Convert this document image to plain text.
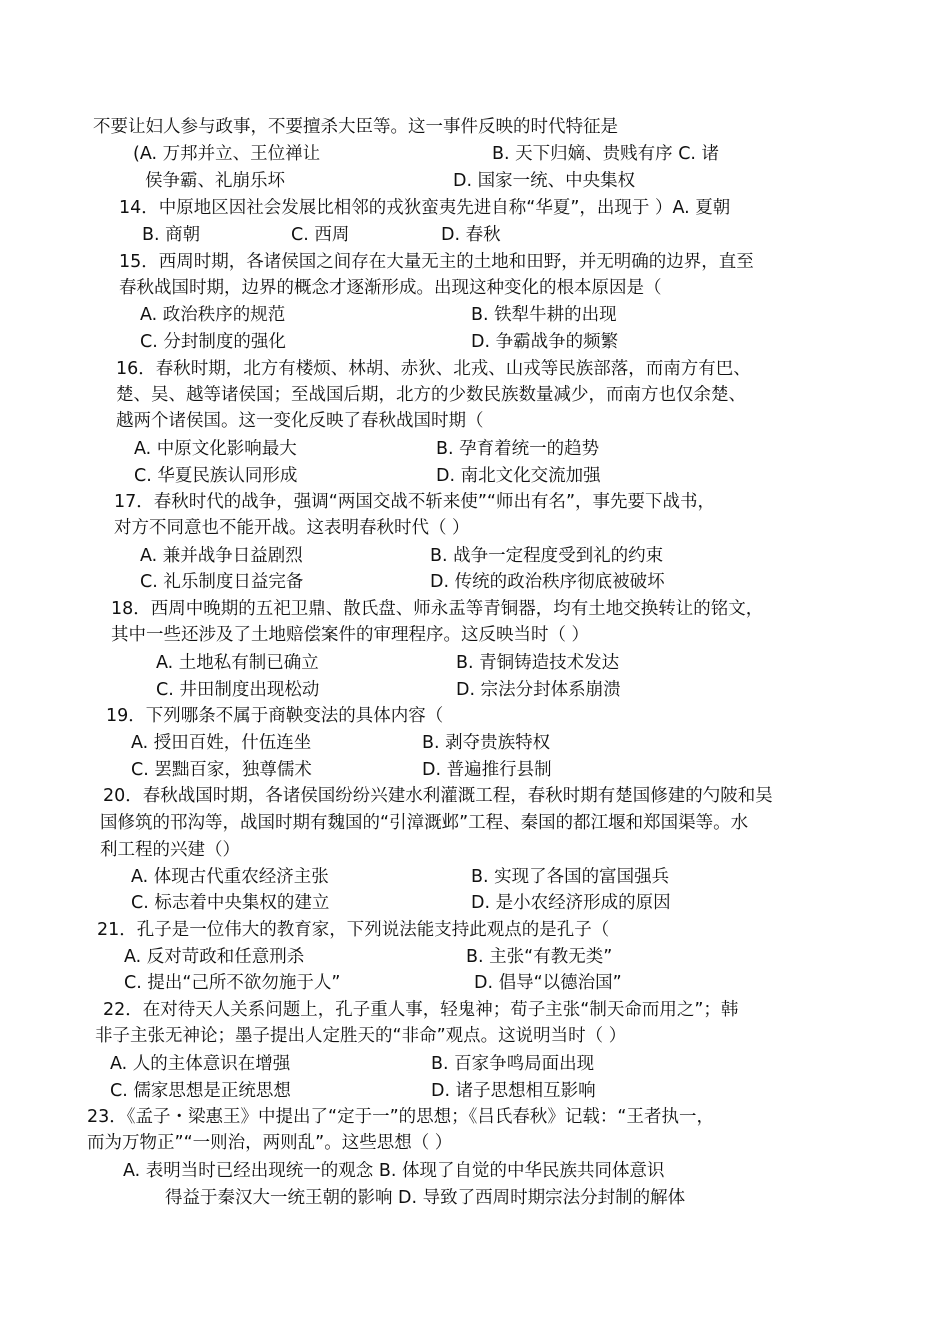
不要让妇人参与政事，不要擅杀大臣等。这一事件反映的时代特征是
(A. 万邦并立、王位禅让	B. 天下归嫡、贵贱有序 C. 诸
侯争霸、礼崩乐坏	D. 国家一统、中央集权
14．中原地区因社会发展比相邻的戎狄蛮夷先进自称“华夏”，出现于 ）A. 夏朝
B. 商朝	C. 西周	D. 春秋
15．西周时期，各诸侯国之间存在大量无主的土地和田野，并无明确的边界，直至
春秋战国时期，边界的概念才逐渐形成。出现这种变化的根本原因是（
A. 政治秩序的规范	B. 铁犁牛耕的出现
C. 分封制度的强化	D. 争霸战争的频繁
16．春秋时期，北方有楼烦、林胡、赤狄、北戎、山戎等民族部落，而南方有巴、
楚、吴、越等诸侯国；至战国后期，北方的少数民族数量减少，而南方也仅余楚、
越两个诸侯国。这一变化反映了春秋战国时期（
A. 中原文化影响最大	B. 孕育着统一的趋势
C. 华夏民族认同形成	D. 南北文化交流加强
17．春秋时代的战争，强调“两国交战不斩来使”“师出有名”，事先要下战书，
对方不同意也不能开战。这表明春秋时代（ ）
A. 兼并战争日益剧烈	B. 战争一定程度受到礼的约束
C. 礼乐制度日益完备	D. 传统的政治秩序彻底被破坏
18．西周中晚期的五祀卫鼎、散氏盘、师永盂等青铜器，均有土地交换转让的铭文，
其中一些还涉及了土地赔偿案件的审理程序。这反映当时（ ）
A. 土地私有制已确立	B. 青铜铸造技术发达
C. 井田制度出现松动	D. 宗法分封体系崩溃
19．下列哪条不属于商鞅变法的具体内容（
A. 授田百姓，什伍连坐	B. 剥夺贵族特权
C. 罢黜百家，独尊儒术	D. 普遍推行县制
20．春秋战国时期，各诸侯国纷纷兴建水利灌溉工程，春秋时期有楚国修建的勺陂和吴
国修筑的邗沟等，战国时期有魏国的“引漳溉邺”工程、秦国的都江堰和郑国渠等。水
利工程的兴建（）
A. 体现古代重农经济主张	B. 实现了各国的富国强兵
C. 标志着中央集权的建立	D. 是小农经济形成的原因
21．孔子是一位伟大的教育家，下列说法能支持此观点的是孔子（
A. 反对苛政和任意刑杀	B. 主张“有教无类”
C. 提出“己所不欲勿施于人”	D. 倡导“以德治国”
22．在对待天人关系问题上，孔子重人事，轻鬼神；荀子主张“制天命而用之”；韩
非子主张无神论；墨子提出人定胜天的“非命”观点。这说明当时（ ）
A. 人的主体意识在增强	B. 百家争鸣局面出现
C. 儒家思想是正统思想	D. 诸子思想相互影响
23．《孟子・梁惠王》中提出了“定于一”的思想；《吕氏春秋》记载：“王者执一，
而为万物正”“一则治，两则乱”。这些思想（ ）
A. 表明当时已经出现统一的观念 B. 体现了自觉的中华民族共同体意识
得益于秦汉大一统王朝的影响 D. 导致了西周时期宗法分封制的解体
